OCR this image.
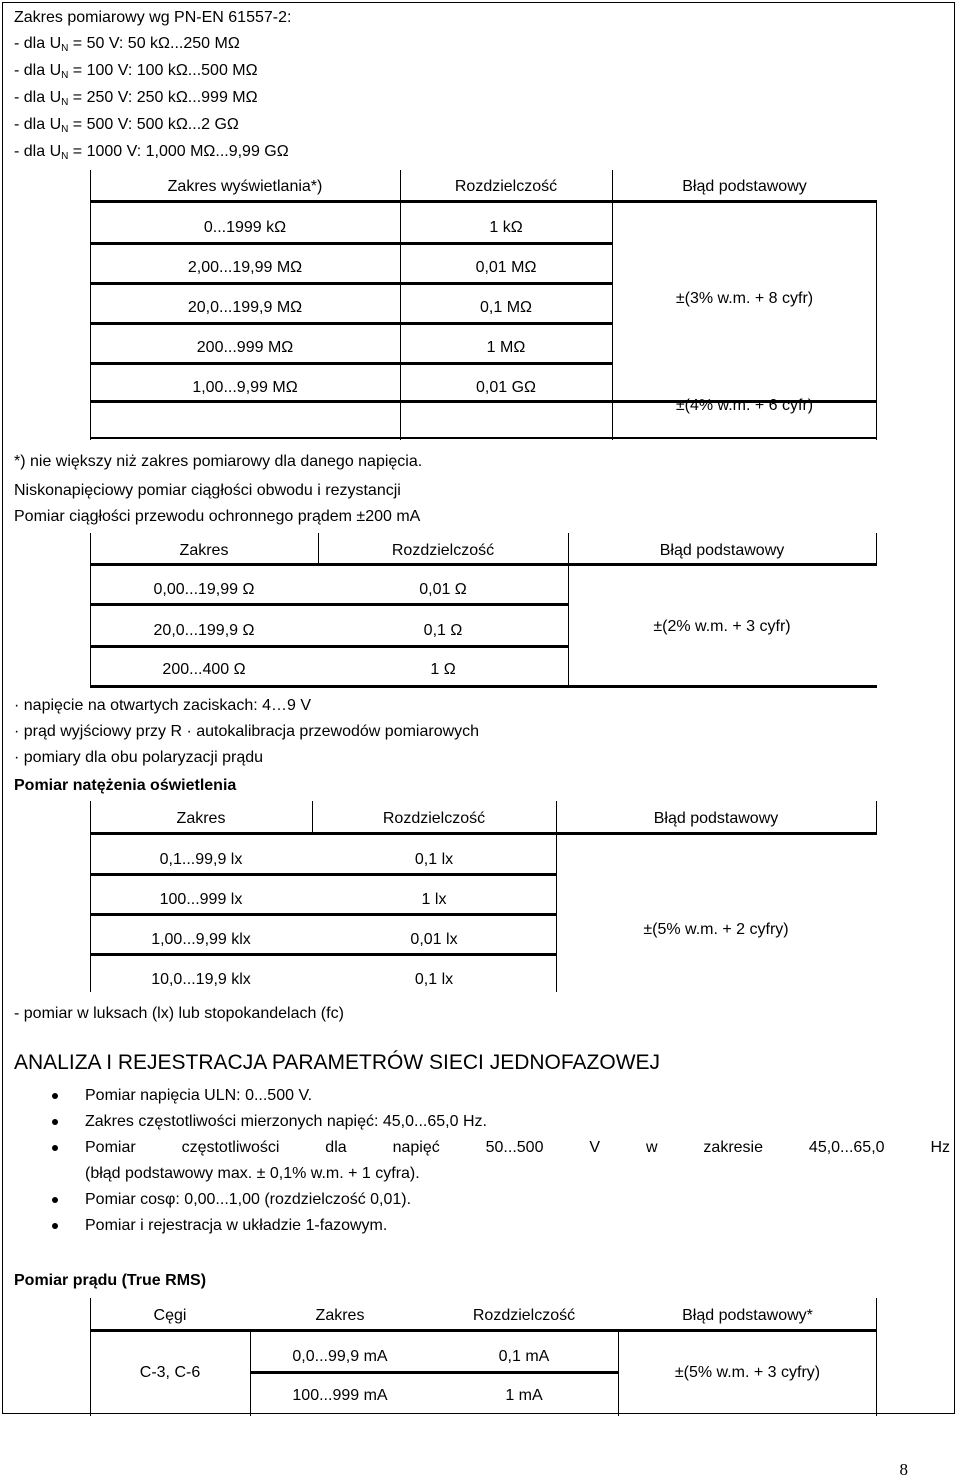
Zakres pomiarowy wg PN-EN 61557-2:
- dla $U_N = 50$ V: 50 kΩ...250 MΩ
- dla $U_N = 100$ V: 100 kΩ...500 MΩ
- dla $U_N = 250$ V: 250 kΩ...999 MΩ
- dla $U_N = 500$ V: 500 kΩ...2 GΩ
- dla $U_N = 1000$ V: 1,000 MΩ...9,99 GΩ
Zakres wyświetlania*)	Rozdzielczość	Błąd podstawowy
0...1999 kΩ	1 kΩ
2,00...19,99 MΩ	0,01 MΩ
20,0...199,9 MΩ	0,1 MΩ
200...999 MΩ	1 MΩ
1,00...9,99 MΩ	0,01 GΩ
±(3% w.m. + 8 cyfr)
±(4% w.m. + 6 cyfr)
*) nie większy niż zakres pomiarowy dla danego napięcia.
Niskonapięciowy pomiar ciągłości obwodu i rezystancji
Pomiar ciągłości przewodu ochronnego prądem ±200 mA
Zakres	Rozdzielczość	Błąd podstawowy
0,00...19,99 Ω	0,01 Ω
20,0...199,9 Ω	0,1 Ω
200...400 Ω	1 Ω
±(2% w.m. + 3 cyfr)
· napięcie na otwartych zaciskach: 4…9 V
· prąd wyjściowy przy R · autokalibracja przewodów pomiarowych
· pomiary dla obu polaryzacji prądu
Pomiar natężenia oświetlenia
Zakres	Rozdzielczość	Błąd podstawowy
0,1...99,9 lx	0,1 lx
100...999 lx	1 lx
1,00...9,99 klx	0,01 lx
10,0...19,9 klx	0,1 lx
±(5% w.m. + 2 cyfry)
- pomiar w luksach (lx) lub stopokandelach (fc)
ANALIZA I REJESTRACJA PARAMETRÓW SIECI JEDNOFAZOWEJ
Pomiar napięcia ULN: 0...500 V.
Zakres częstotliwości mierzonych napięć: 45,0...65,0 Hz.
Pomiar częstotliwości dla napięć 50...500 V w zakresie 45,0...65,0 Hz
(błąd podstawowy max. ± 0,1% w.m. + 1 cyfra).
Pomiar cosφ: 0,00...1,00 (rozdzielczość 0,01).
Pomiar i rejestracja w układzie 1-fazowym.
Pomiar prądu (True RMS)
Cęgi	Zakres	Rozdzielczość	Błąd podstawowy*
C-3, C-6
0,0...99,9 mA	0,1 mA
100...999 mA	1 mA
±(5% w.m. + 3 cyfry)
8
